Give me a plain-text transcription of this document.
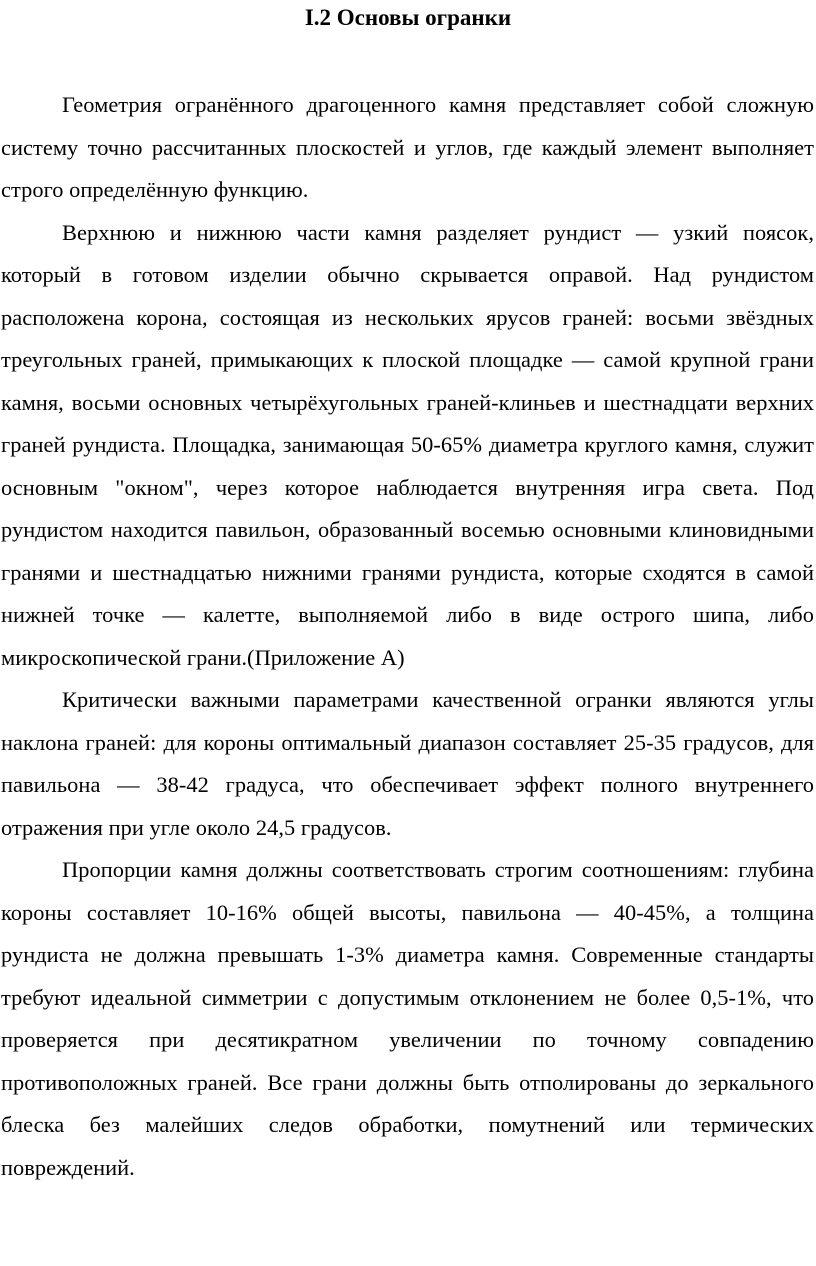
I.2 Основы огранки

Геометрия огранённого драгоценного камня представляет собой сложную систему точно рассчитанных плоскостей и углов, где каждый элемент выполняет строго определённую функцию.

Верхнюю и нижнюю части камня разделяет рундист — узкий поясок, который в готовом изделии обычно скрывается оправой. Над рундистом расположена корона, состоящая из нескольких ярусов граней: восьми звёздных треугольных граней, примыкающих к плоской площадке — самой крупной грани камня, восьми основных четырёхугольных граней-клиньев и шестнадцати верхних граней рундиста. Площадка, занимающая 50-65% диаметра круглого камня, служит основным "окном", через которое наблюдается внутренняя игра света. Под рундистом находится павильон, образованный восемью основными клиновидными гранями и шестнадцатью нижними гранями рундиста, которые сходятся в самой нижней точке — калетте, выполняемой либо в виде острого шипа, либо микроскопической грани.(Приложение А)

Критически важными параметрами качественной огранки являются углы наклона граней: для короны оптимальный диапазон составляет 25-35 градусов, для павильона — 38-42 градуса, что обеспечивает эффект полного внутреннего отражения при угле около 24,5 градусов.

Пропорции камня должны соответствовать строгим соотношениям: глубина короны составляет 10-16% общей высоты, павильона — 40-45%, а толщина рундиста не должна превышать 1-3% диаметра камня. Современные стандарты требуют идеальной симметрии с допустимым отклонением не более 0,5-1%, что проверяется при десятикратном увеличении по точному совпадению противоположных граней. Все грани должны быть отполированы до зеркального блеска без малейших следов обработки, помутнений или термических повреждений.
